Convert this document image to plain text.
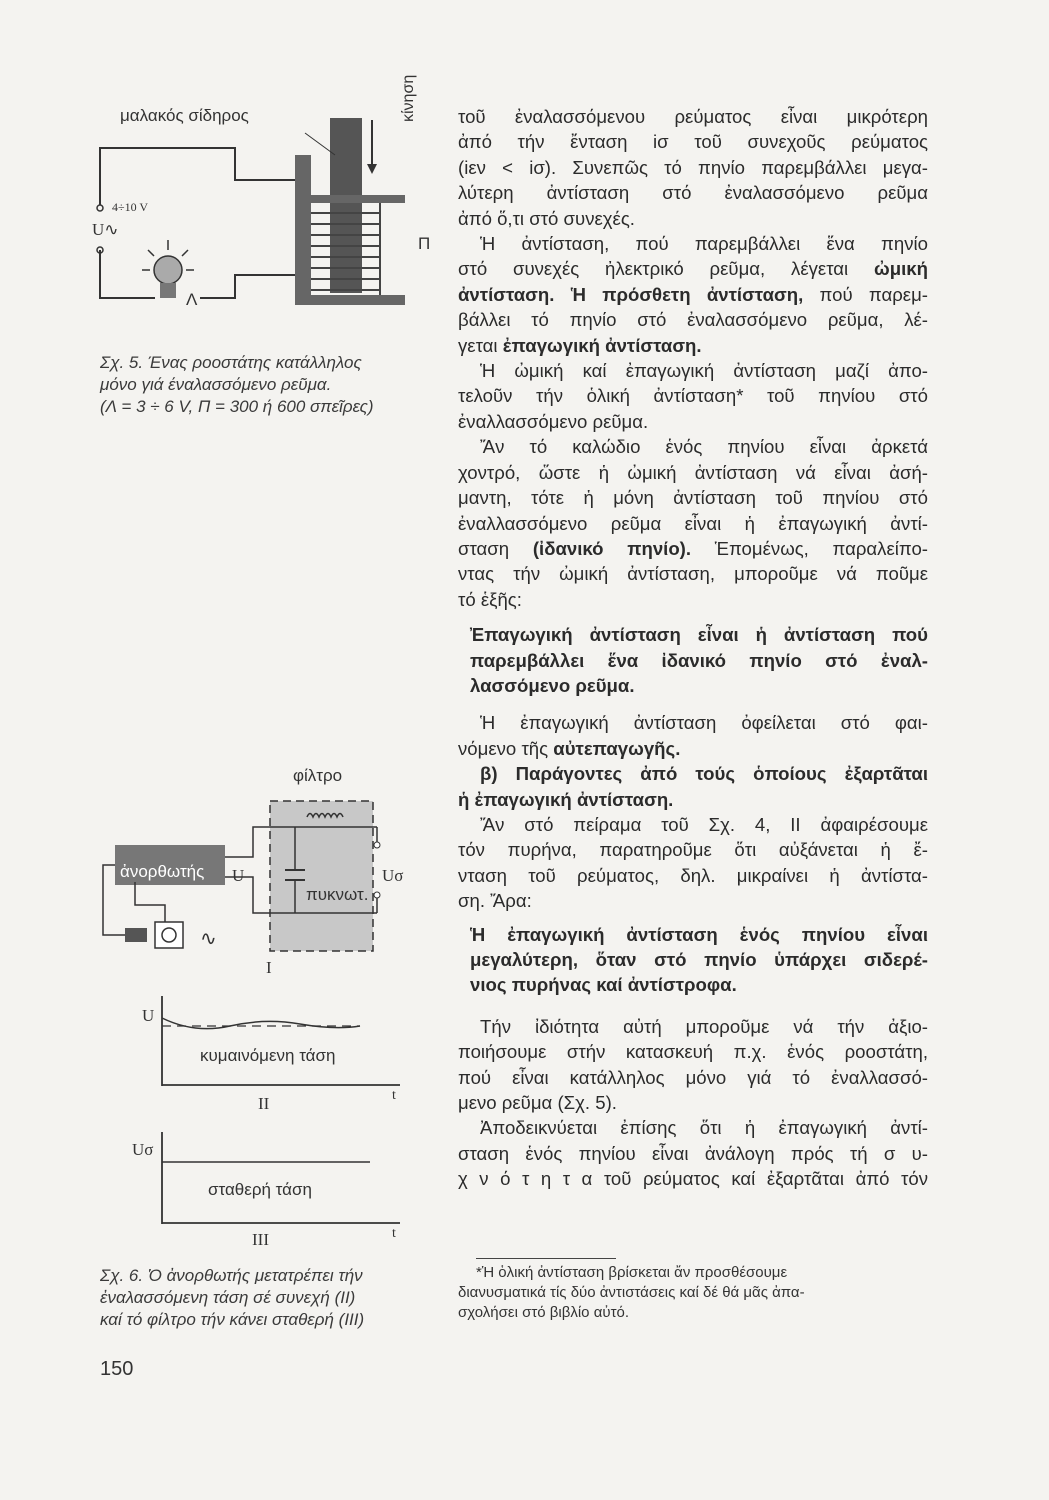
μαλακός σίδηρος	κίνηση
4÷10 V
U∿
Π
Λ
Σχ. 5. Ένας ροοστάτης κατάλληλος
μόνο γιά έναλασσόμενο ρεῦμα.
(Λ = 3 ÷ 6 V, Π = 300 ή 600 σπεῖρες)
φίλτρο
ἀνορθωτής U
πυκνωτ.
Uσ
∿
I
U
κυμαινόμενη τάση
II	t
Uσ
σταθερή τάση
III	t
Σχ. 6. Ὁ ἀνορθωτής μετατρέπει τήν
ἐναλασσόμενη τάση σέ συνεχή (II)
καί τό φίλτρο τήν κάνει σταθερή (III)
τοῦ ἐναλασσόμενου ρεύματος εἶναι μικρότερη
ἀπό τήν ἔνταση iσ τοῦ συνεχοῦς ρεύματος
(iεν < iσ). Συνεπῶς τό πηνίο παρεμβάλλει μεγα-
λύτερη ἀντίσταση στό ἐναλασσόμενο ρεῦμα
ἀπό ὅ,τι στό συνεχές.
Ἡ ἀντίσταση, πού παρεμβάλλει ἕνα πηνίο
στό συνεχές ἠλεκτρικό ρεῦμα, λέγεται ὠμική
ἀντίσταση. Ἡ πρόσθετη ἀντίσταση, πού παρεμ-
βάλλει τό πηνίο στό ἐναλασσόμενο ρεῦμα, λέ-
γεται ἐπαγωγική ἀντίσταση.
Ἡ ὠμική καί ἐπαγωγική ἀντίσταση μαζί ἀπο-
τελοῦν τήν ὁλική ἀντίσταση* τοῦ πηνίου στό
ἐναλλασσόμενο ρεῦμα.
Ἄν τό καλώδιο ἑνός πηνίου εἶναι ἀρκετά
χοντρό, ὥστε ἡ ὠμική ἀντίσταση νά εἶναι ἀσή-
μαντη, τότε ἡ μόνη ἀντίσταση τοῦ πηνίου στό
ἐναλλασσόμενο ρεῦμα εἶναι ἡ ἐπαγωγική ἀντί-
σταση (ἰδανικό πηνίο). Ἑπομένως, παραλείπο-
ντας τήν ὠμική ἀντίσταση, μποροῦμε νά ποῦμε
τό ἑξῆς:
Ἐπαγωγική ἀντίσταση εἶναι ἡ ἀντίσταση πού
παρεμβάλλει ἕνα ἰδανικό πηνίο στό ἐναλ-
λασσόμενο ρεῦμα.
Ἡ ἐπαγωγική ἀντίσταση ὀφείλεται στό φαι-
νόμενο τῆς αὐτεπαγωγῆς.
β) Παράγοντες ἀπό τούς ὁποίους ἐξαρτᾶται
ἡ ἐπαγωγική ἀντίσταση.
Ἄν στό πείραμα τοῦ Σχ. 4, II ἀφαιρέσουμε
τόν πυρήνα, παρατηροῦμε ὅτι αὐξάνεται ἡ ἔ-
νταση τοῦ ρεύματος, δηλ. μικραίνει ἡ ἀντίστα-
ση. Ἄρα:
Ἡ ἐπαγωγική ἀντίσταση ἑνός πηνίου εἶναι
μεγαλύτερη, ὅταν στό πηνίο ὑπάρχει σιδερέ-
νιος πυρήνας καί ἀντίστροφα.
Τήν ἰδιότητα αὐτή μποροῦμε νά τήν ἀξιο-
ποιήσουμε στήν κατασκευή π.χ. ἑνός ροοστάτη,
πού εἶναι κατάλληλος μόνο γιά τό ἐναλλασσό-
μενο ρεῦμα (Σχ. 5).
Ἀποδεικνύεται ἐπίσης ὅτι ἡ ἐπαγωγική ἀντί-
σταση ἑνός πηνίου εἶναι ἀνάλογη πρός τή σ υ-
χ ν ό τ η τ α τοῦ ρεύματος καί ἐξαρτᾶται ἀπό τόν
*Ἡ ὁλική ἀντίσταση βρίσκεται ἄν προσθέσουμε
διανυσματικά τίς δύο ἀντιστάσεις καί δέ θά μᾶς ἀπα-
σχολήσει στό βιβλίο αὐτό.
150
